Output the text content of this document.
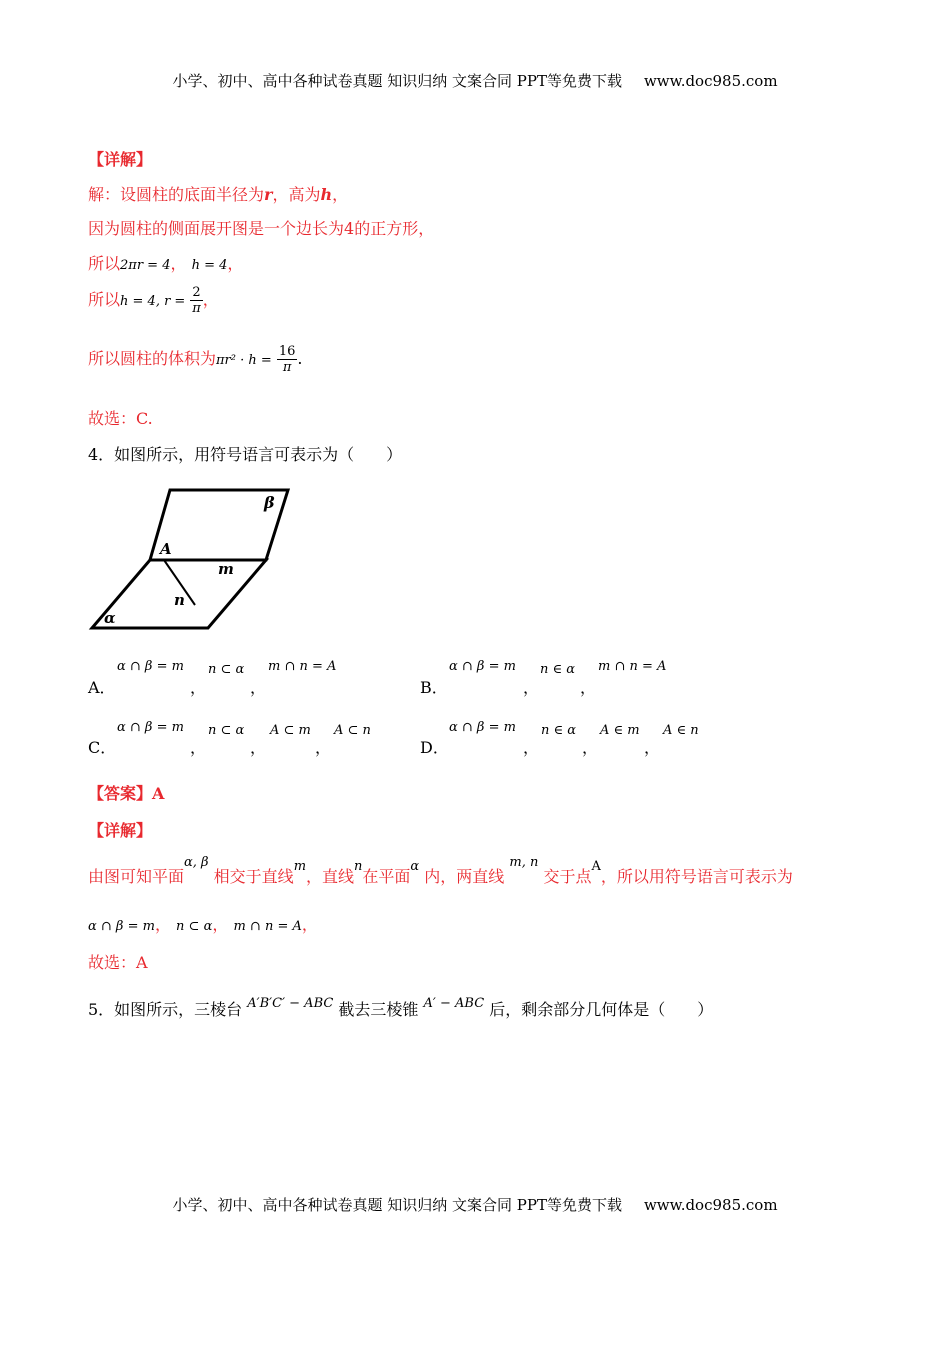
小学、初中、高中各种试卷真题 知识归纳 文案合同 PPT等免费下载 www.doc985.com
【详解】
解：设圆柱的底面半径为r，高为h，
因为圆柱的侧面展开图是一个边长为4的正方形，
所以2πr = 4， h = 4，
所以h = 4, $r = \frac{2}{\pi}$ ，
所以圆柱的体积为$\pi r^2 \cdot h = \frac{16}{\pi}$ .
故选：C.
4．如图所示，用符号语言可表示为（　　）
β
A
m
n
α
A．
α ∩ β = m
，
n ⊂ α
，
m ∩ n = A
B．
α ∩ β = m
，
n ∈ α
，
m ∩ n = A
C．
α ∩ β = m
，
n ⊂ α
，
A ⊂ m
，
A ⊂ n
D．
α ∩ β = m
，
n ∈ α
，
A ∈ m
，
A ∈ n
【答案】A
【详解】
由图可知平面$^{\alpha, \beta}$ 相交于直线$^m$，直线$^n$在平面$^\alpha$ 内，两直线 $^{m, n}$ 交于点$^A$，所以用符号语言可表示为
α ∩ β = m， n ⊂ α， m ∩ n = A，
故选：A
5．如图所示，三棱台 $^{A'B'C' - ABC}$ 截去三棱锥 $^{A' - ABC}$ 后，剩余部分几何体是（　　）
小学、初中、高中各种试卷真题 知识归纳 文案合同 PPT等免费下载 www.doc985.com
